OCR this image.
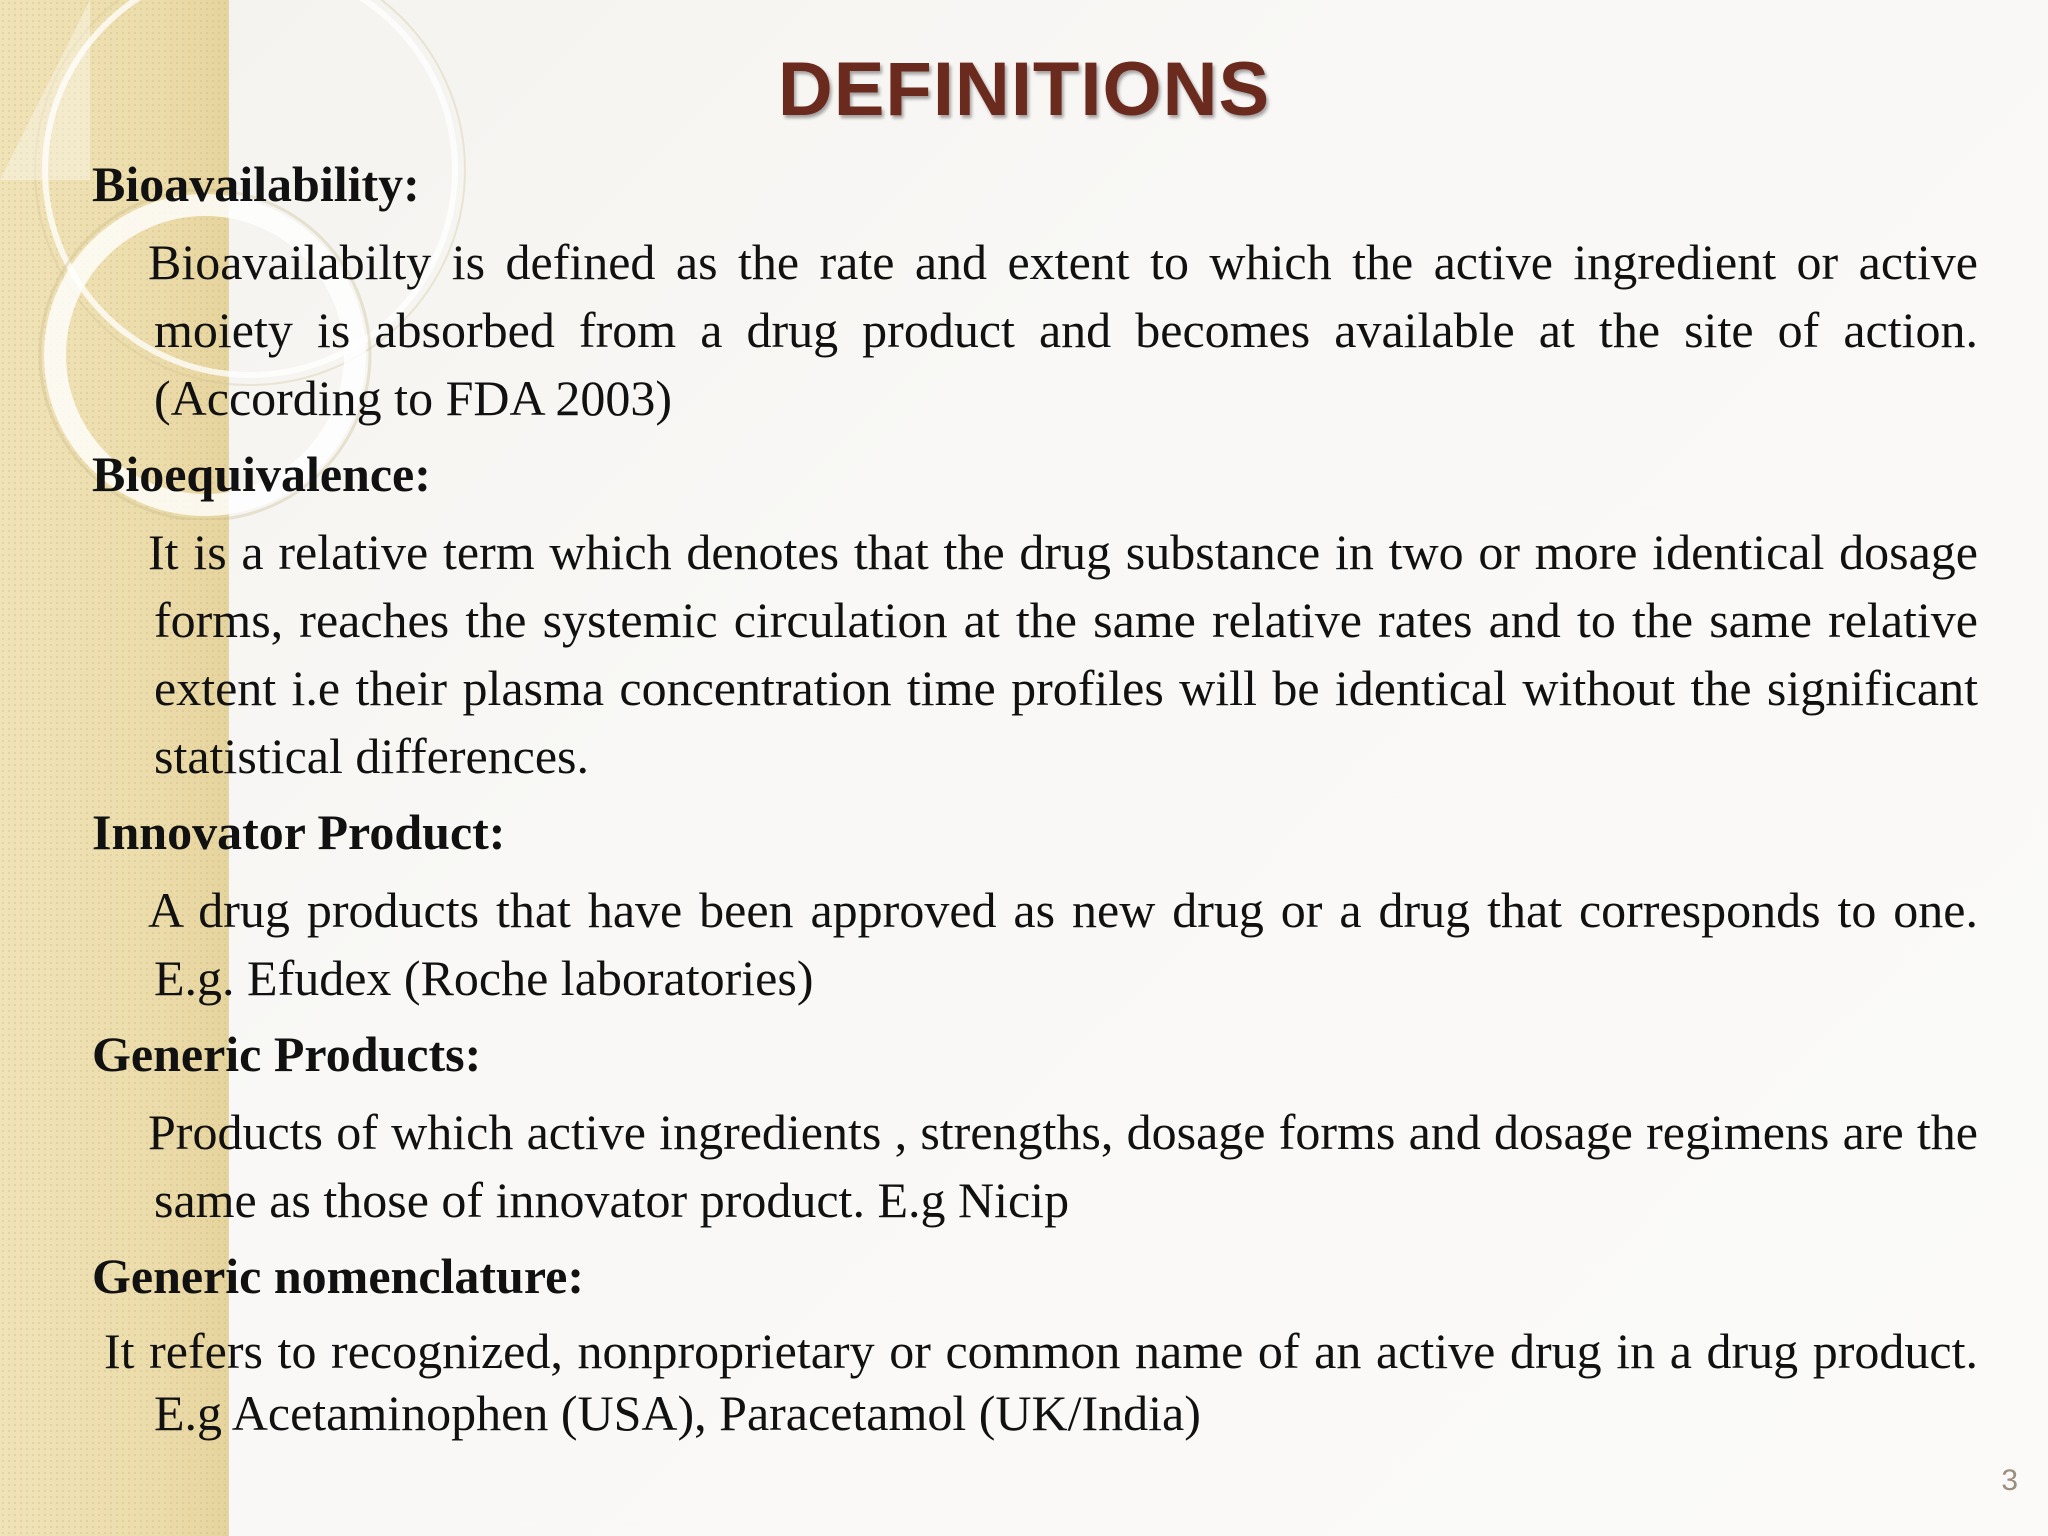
DEFINITIONS

Bioavailability:

Bioavailabilty is defined as the rate and extent to which the active ingredient or active moiety is absorbed from a drug product and becomes available at the site of action. (According to FDA 2003)

Bioequivalence:

It is a relative term which denotes that the drug substance in two or more identical dosage forms, reaches the systemic circulation at the same relative rates and to the same relative extent i.e their plasma concentration time profiles will be identical without the significant statistical differences.

Innovator Product:

A drug products that have been approved as new drug or a drug that corresponds to one. E.g. Efudex (Roche laboratories)

Generic Products:

Products of which active ingredients , strengths, dosage forms and dosage regimens are the same as those of innovator product. E.g Nicip

Generic nomenclature:

It refers to recognized, nonproprietary or common name of an active drug in a drug product. E.g Acetaminophen (USA), Paracetamol (UK/India)

3
